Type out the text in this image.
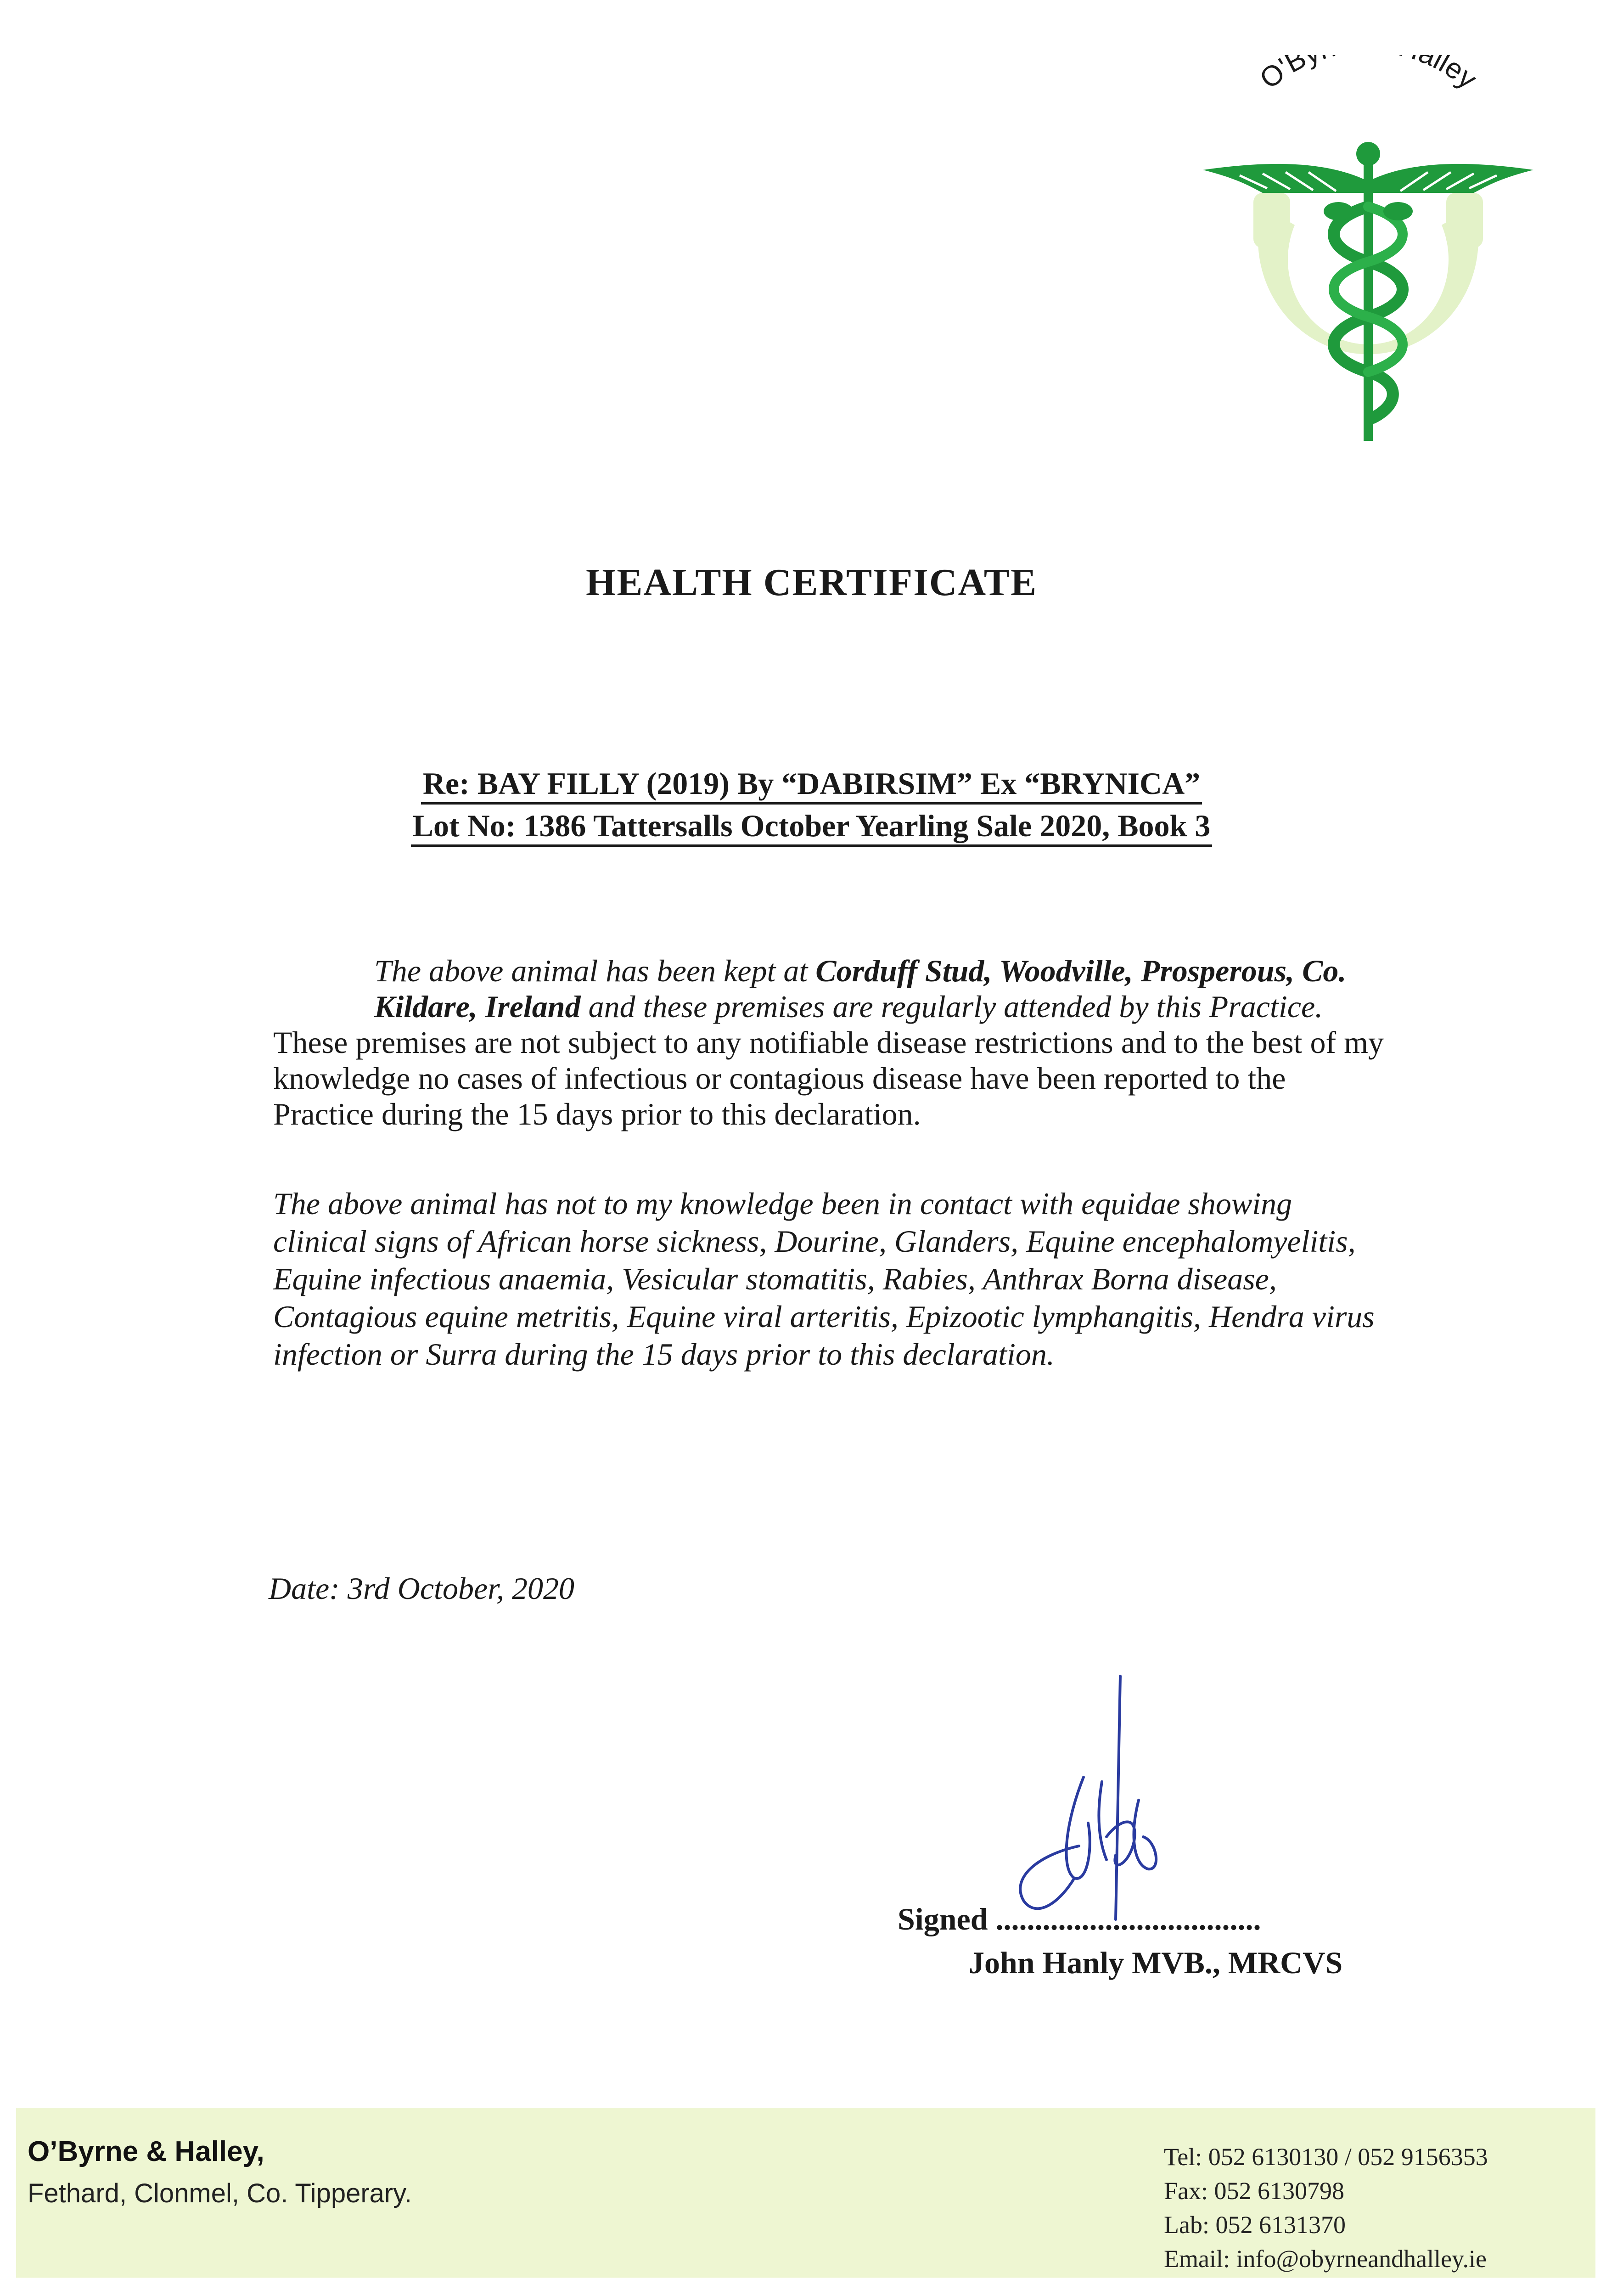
O'B lley
HEALTH CERTIFICATE
Re: BAY FILLY (2019) By “DABIRSIM” Ex “BRYNICA”
Lot No: 1386 Tattersalls October Yearling Sale 2020, Book 3

The above animal has been kept at Corduff Stud, Woodville, Prosperous, Co. Kildare, Ireland and these premises are regularly attended by this Practice.

These premises are not subject to any notifiable disease restrictions and to the best of my knowledge no cases of infectious or contagious disease have been reported to the Practice during the 15 days prior to this declaration.

The above animal has not to my knowledge been in contact with equidae showing clinical signs of African horse sickness, Dourine, Glanders, Equine encephalomyelitis, Equine infectious anaemia, Vesicular stomatitis, Rabies, Anthrax Borna disease, Contagious equine metritis, Equine viral arteritis, Epizootic lymphangitis, Hendra virus infection or Surra during the 15 days prior to this declaration.
Date: 3rd October, 2020
Signed ..................................
John Hanly MVB., MRCVS
O’Byrne & Halley,
Fethard, Clonmel, Co. Tipperary.
Tel: 052 6130130 / 052 9156353
Fax: 052 6130798
Lab: 052 6131370
Email: info@obyrneandhalley.ie
